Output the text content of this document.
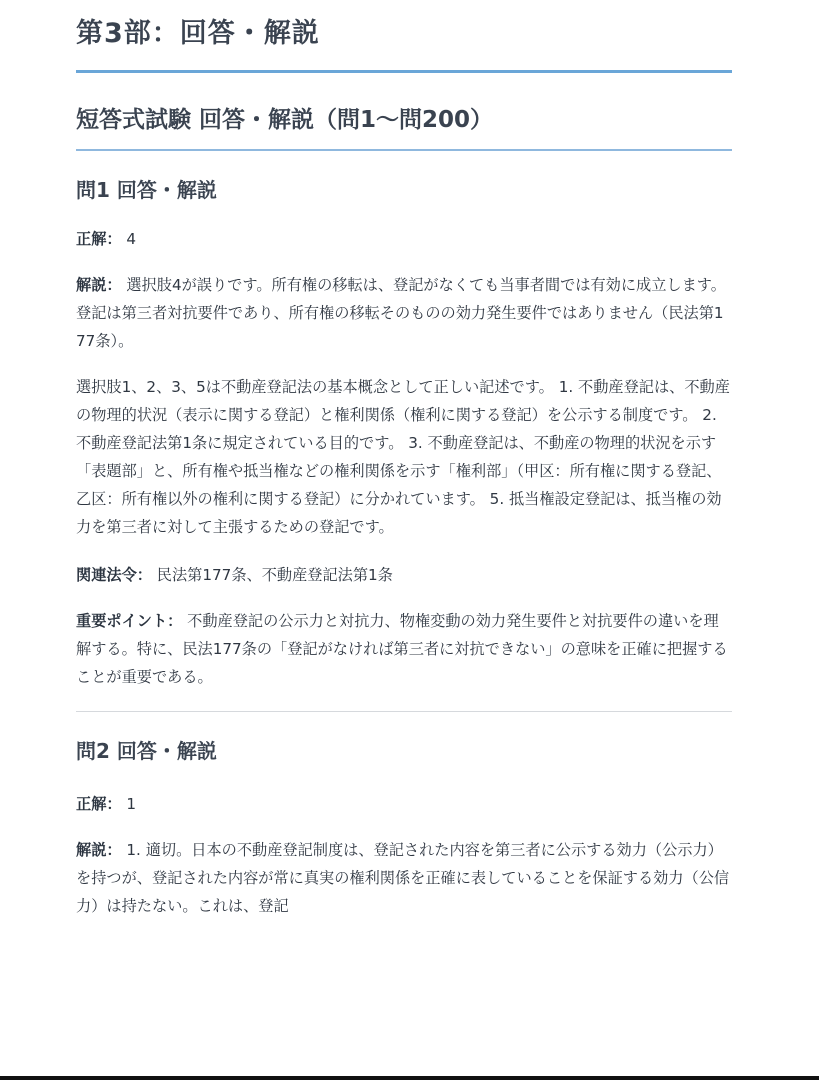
第3部：回答・解説
短答式試験 回答・解説（問1〜問200）
問1 回答・解説

正解： 4

解説： 選択肢4が誤りです。所有権の移転は、登記がなくても当事者間では有効に成立します。登記は第三者対抗要件であり、所有権の移転そのものの効力発生要件ではありません（民法第177条）。

選択肢1、2、3、5は不動産登記法の基本概念として正しい記述です。 1. 不動産登記は、不動産の物理的状況（表示に関する登記）と権利関係（権利に関する登記）を公示する制度です。 2. 不動産登記法第1条に規定されている目的です。 3. 不動産登記は、不動産の物理的状況を示す「表題部」と、所有権や抵当権などの権利関係を示す「権利部」（甲区：所有権に関する登記、乙区：所有権以外の権利に関する登記）に分かれています。 5. 抵当権設定登記は、抵当権の効力を第三者に対して主張するための登記です。

関連法令： 民法第177条、不動産登記法第1条

重要ポイント： 不動産登記の公示力と対抗力、物権変動の効力発生要件と対抗要件の違いを理解する。特に、民法177条の「登記がなければ第三者に対抗できない」の意味を正確に把握することが重要である。

問2 回答・解説

正解： 1

解説： 1. 適切。日本の不動産登記制度は、登記された内容を第三者に公示する効力（公示力）を持つが、登記された内容が常に真実の権利関係を正確に表していることを保証する効力（公信力）は持たない。これは、登記
